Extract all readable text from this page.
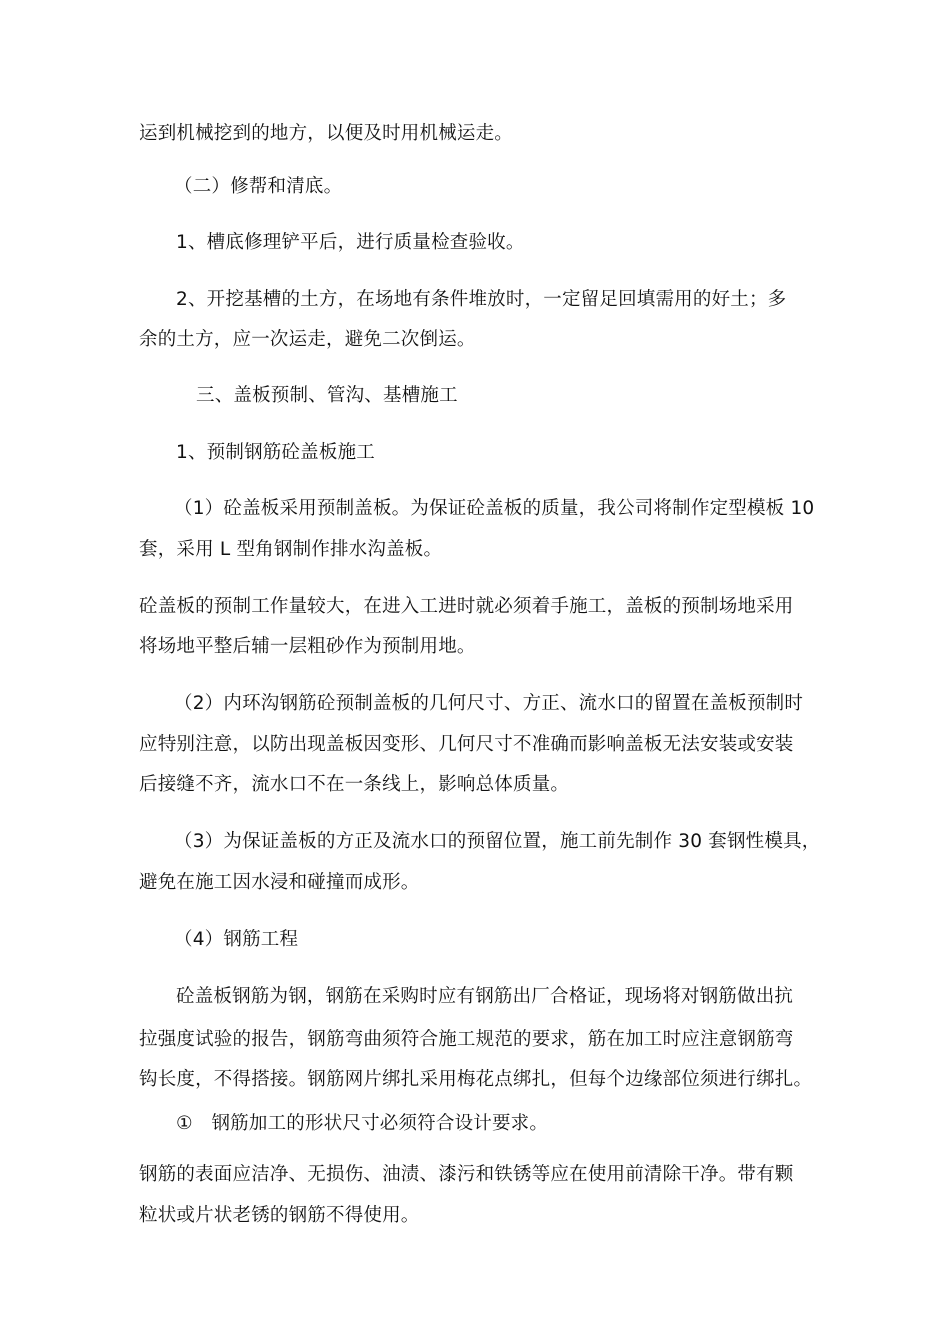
运到机械挖到的地方，以便及时用机械运走。
（二）修帮和清底。
1、槽底修理铲平后，进行质量检查验收。
2、开挖基槽的土方，在场地有条件堆放时，一定留足回填需用的好土；多
余的土方，应一次运走，避免二次倒运。
三、盖板预制、管沟、基槽施工
1、预制钢筋砼盖板施工
（1）砼盖板采用预制盖板。为保证砼盖板的质量，我公司将制作定型模板 10
套，采用 L 型角钢制作排水沟盖板。
砼盖板的预制工作量较大，在进入工进时就必须着手施工，盖板的预制场地采用
将场地平整后辅一层粗砂作为预制用地。
（2）内环沟钢筋砼预制盖板的几何尺寸、方正、流水口的留置在盖板预制时
应特别注意，以防出现盖板因变形、几何尺寸不准确而影响盖板无法安装或安装
后接缝不齐，流水口不在一条线上，影响总体质量。
（3）为保证盖板的方正及流水口的预留位置，施工前先制作 30 套钢性模具，
避免在施工因水浸和碰撞而成形。
（4）钢筋工程
砼盖板钢筋为钢，钢筋在采购时应有钢筋出厂合格证，现场将对钢筋做出抗
拉强度试验的报告，钢筋弯曲须符合施工规范的要求，筋在加工时应注意钢筋弯
钩长度，不得搭接。钢筋网片绑扎采用梅花点绑扎，但每个边缘部位须进行绑扎。
①　钢筋加工的形状尺寸必须符合设计要求。
钢筋的表面应洁净、无损伤、油渍、漆污和铁锈等应在使用前清除干净。带有颗
粒状或片状老锈的钢筋不得使用。
